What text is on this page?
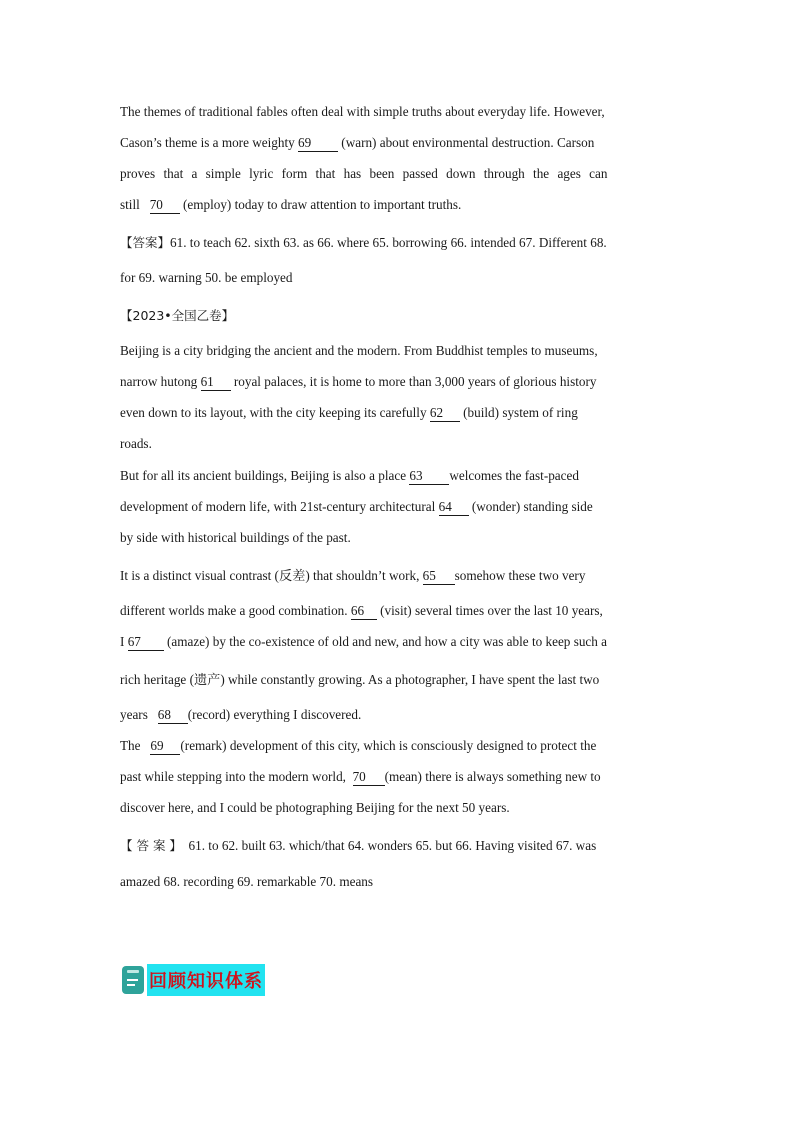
The themes of traditional fables often deal with simple truths about everyday life. However,

Cason’s theme is a more weighty 69 (warn) about environmental destruction. Carson

proves that a simple lyric form that has been passed down through the ages can

still 70 (employ) today to draw attention to important truths.

【答案】61. to teach 62. sixth 63. as 66. where 65. borrowing 66. intended 67. Different 68.

for 69. warning 50. be employed

【2023•全国乙卷】

Beijing is a city bridging the ancient and the modern. From Buddhist temples to museums,

narrow hutong 61 royal palaces, it is home to more than 3,000 years of glorious history

even down to its layout, with the city keeping its carefully 62 (build) system of ring

roads.

But for all its ancient buildings, Beijing is also a place 63 welcomes the fast-paced

development of modern life, with 21st-century architectural 64 (wonder) standing side

by side with historical buildings of the past.

It is a distinct visual contrast (反差) that shouldn’t work, 65 somehow these two very

different worlds make a good combination. 66 (visit) several times over the last 10 years,

I 67 (amaze) by the co-existence of old and new, and how a city was able to keep such a

rich heritage (遗产) while constantly growing. As a photographer, I have spent the last two

years 68 (record) everything I discovered.

The 69 (remark) development of this city, which is consciously designed to protect the

past while stepping into the modern world, 70 (mean) there is always something new to

discover here, and I could be photographing Beijing for the next 50 years.

【 答 案 】 61. to 62. built 63. which/that 64. wonders 65. but 66. Having visited 67. was

amazed 68. recording 69. remarkable 70. means

回顾知识体系
